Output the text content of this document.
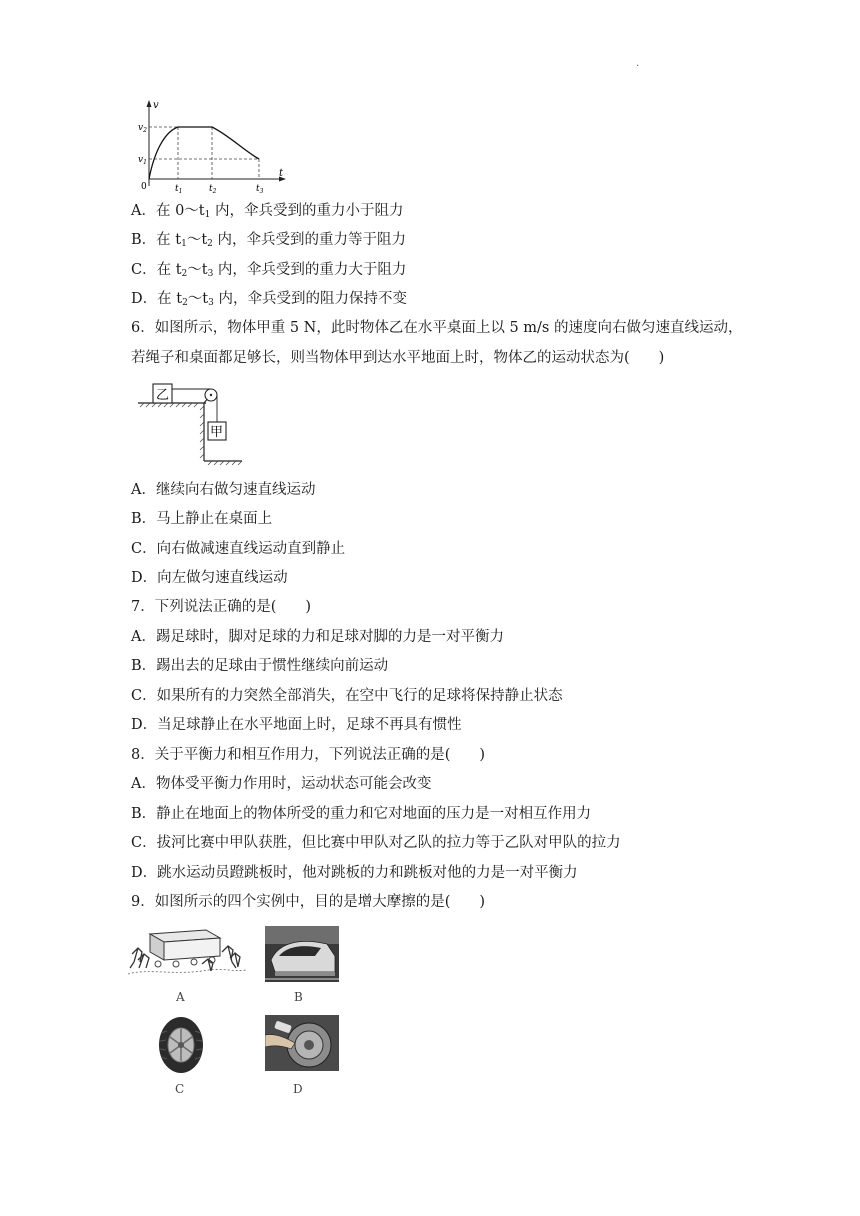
.
v
t
0
$v_2$
$v_1$
$t_1$	$t_2$	$t_3$
A．在 $0\sim t_1$ 内，伞兵受到的重力小于阻力
B．在 $t_1\sim t_2$ 内，伞兵受到的重力等于阻力
C．在 $t_2\sim t_3$ 内，伞兵受到的重力大于阻力
D．在 $t_2\sim t_3$ 内，伞兵受到的阻力保持不变
6．如图所示，物体甲重 5 N，此时物体乙在水平桌面上以 5 m/s 的速度向右做匀速直线运动，
若绳子和桌面都足够长，则当物体甲到达水平地面上时，物体乙的运动状态为(　　)
乙
甲
A．继续向右做匀速直线运动
B．马上静止在桌面上
C．向右做减速直线运动直到静止
D．向左做匀速直线运动
7．下列说法正确的是(　　)
A．踢足球时，脚对足球的力和足球对脚的力是一对平衡力
B．踢出去的足球由于惯性继续向前运动
C．如果所有的力突然全部消失，在空中飞行的足球将保持静止状态
D．当足球静止在水平地面上时，足球不再具有惯性
8．关于平衡力和相互作用力，下列说法正确的是(　　)
A．物体受平衡力作用时，运动状态可能会改变
B．静止在地面上的物体所受的重力和它对地面的压力是一对相互作用力
C．拔河比赛中甲队获胜，但比赛中甲队对乙队的拉力等于乙队对甲队的拉力
D．跳水运动员蹬跳板时，他对跳板的力和跳板对他的力是一对平衡力
9．如图所示的四个实例中，目的是增大摩擦的是(　　)
A	B
C	D
